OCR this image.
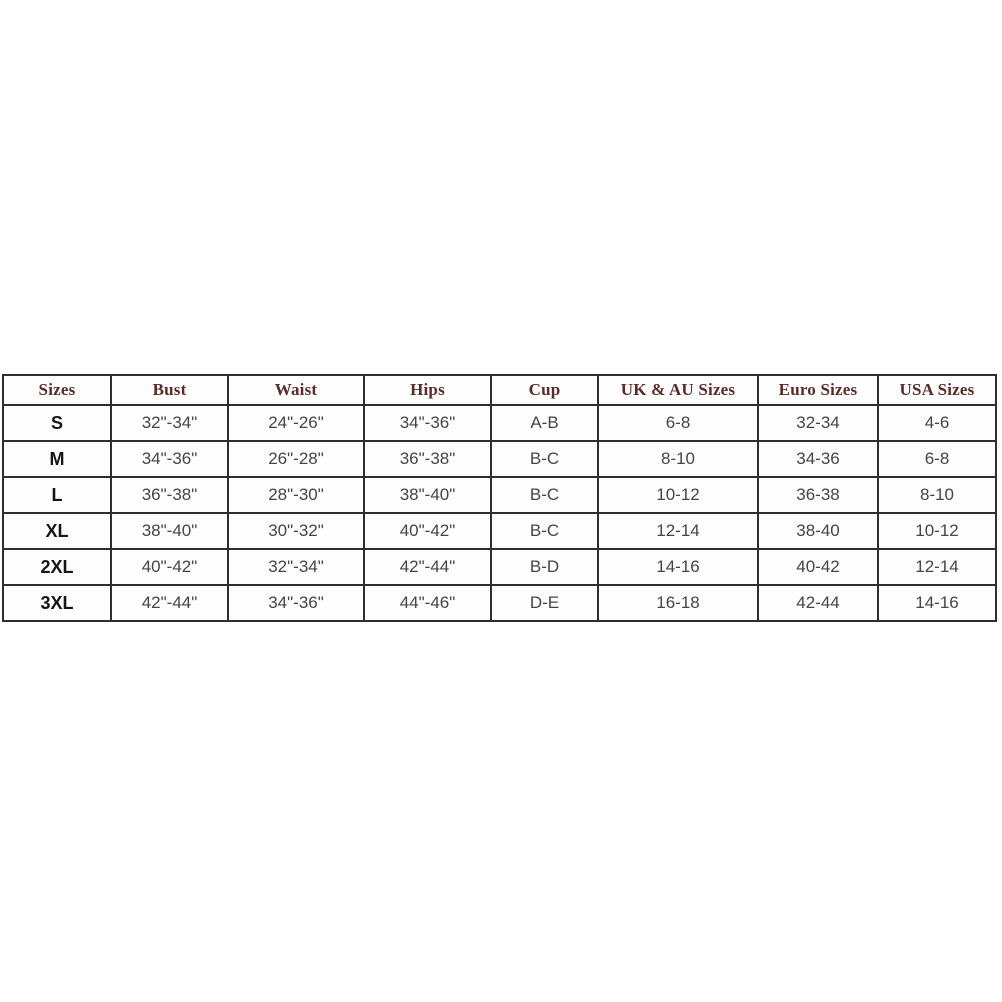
Sizes	Bust	Waist	Hips	Cup	UK & AU Sizes	Euro Sizes	USA Sizes
S	32"-34"	24"-26"	34"-36"	A-B	6-8	32-34	4-6
M	34"-36"	26"-28"	36"-38"	B-C	8-10	34-36	6-8
L	36"-38"	28"-30"	38"-40"	B-C	10-12	36-38	8-10
XL	38"-40"	30"-32"	40"-42"	B-C	12-14	38-40	10-12
2XL	40"-42"	32"-34"	42"-44"	B-D	14-16	40-42	12-14
3XL	42"-44"	34"-36"	44"-46"	D-E	16-18	42-44	14-16
